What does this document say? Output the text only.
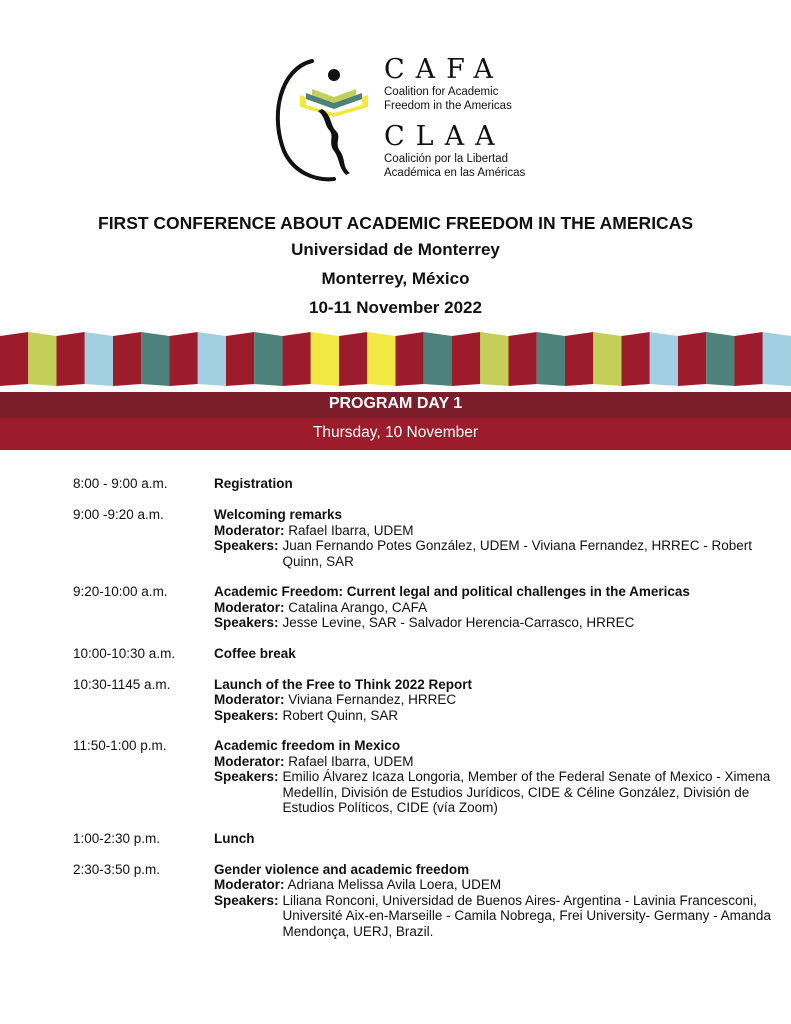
CAFA

Coalition for Academic

Freedom in the Americas

CLAA

Coalición por la Libertad

Académica en las Américas

FIRST CONFERENCE ABOUT ACADEMIC FREEDOM IN THE AMERICAS
Universidad de Monterrey
Monterrey, México
10-11 November 2022
PROGRAM DAY 1
Thursday, 10 November
8:00 - 9:00 a.m.	Registration
9:00 -9:20 a.m.	Welcoming remarks
Moderator: Rafael Ibarra, UDEM
Speakers: Juan Fernando Potes González, UDEM - Viviana Fernandez, HRREC - Robert Quinn, SAR
9:20-10:00 a.m.	Academic Freedom: Current legal and political challenges in the Americas
Moderator: Catalina Arango, CAFA
Speakers: Jesse Levine, SAR - Salvador Herencia-Carrasco, HRREC
10:00-10:30 a.m.	Coffee break
10:30-1145 a.m.	Launch of the Free to Think 2022 Report
Moderator: Viviana Fernandez, HRREC
Speakers: Robert Quinn, SAR
11:50-1:00 p.m.	Academic freedom in Mexico
Moderator: Rafael Ibarra, UDEM
Speakers: Emilio Álvarez Icaza Longoria, Member of the Federal Senate of Mexico - Ximena Medellín, División de Estudios Jurídicos, CIDE & Céline González, División de Estudios Políticos, CIDE (vía Zoom)
1:00-2:30 p.m.	Lunch
2:30-3:50 p.m.	Gender violence and academic freedom
Moderator: Adriana Melissa Avila Loera, UDEM
Speakers: Liliana Ronconi, Universidad de Buenos Aires- Argentina - Lavinia Francesconi, Université Aix-en-Marseille - Camila Nobrega, Frei University- Germany - Amanda Mendonça, UERJ, Brazil.
